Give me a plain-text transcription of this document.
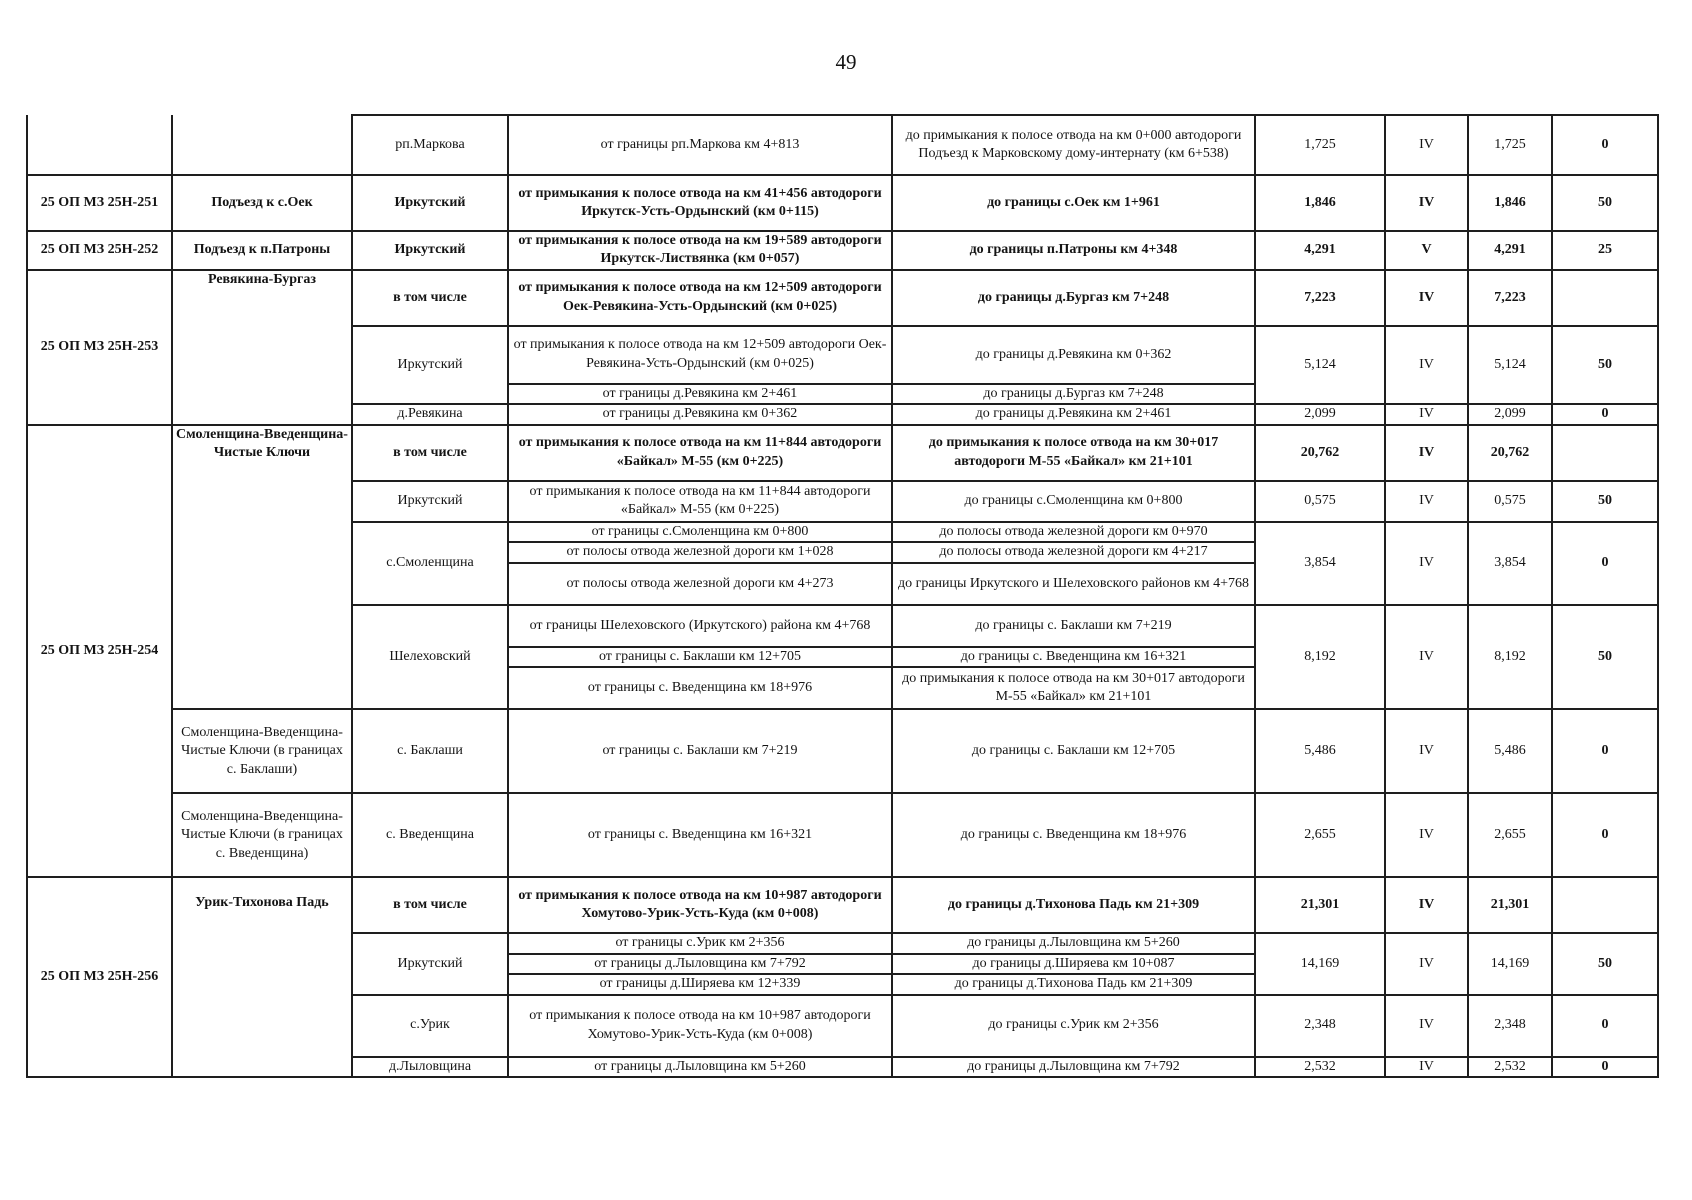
49
		рп.Маркова	от границы рп.Маркова км 4+813	до примыкания к полосе отвода на км 0+000 автодороги Подъезд к Марковскому дому-интернату (км 6+538)	1,725	IV	1,725	0
25 ОП МЗ 25Н-251	Подъезд к с.Оек	Иркутский	от примыкания к полосе отвода на км 41+456 автодороги Иркутск-Усть-Ордынский (км 0+115)	до границы с.Оек км 1+961	1,846	IV	1,846	50
25 ОП МЗ 25Н-252	Подъезд к п.Патроны	Иркутский	от примыкания к полосе отвода на км 19+589 автодороги Иркутск-Листвянка (км 0+057)	до границы п.Патроны км 4+348	4,291	V	4,291	25
25 ОП МЗ 25Н-253	Ревякина-Бургаз	в том числе	от примыкания к полосе отвода на км 12+509 автодороги Оек-Ревякина-Усть-Ордынский (км 0+025)	до границы д.Бургаз км 7+248	7,223	IV	7,223	
		Иркутский	от примыкания к полосе отвода на км 12+509 автодороги Оек-Ревякина-Усть-Ордынский (км 0+025)	до границы д.Ревякина км 0+362	5,124	IV	5,124	50
			от границы д.Ревякина км 2+461	до границы д.Бургаз км 7+248				
		д.Ревякина	от границы д.Ревякина км 0+362	до границы д.Ревякина км 2+461	2,099	IV	2,099	0
25 ОП МЗ 25Н-254	Смоленщина-Введенщина-Чистые Ключи	в том числе	от примыкания к полосе отвода на км 11+844 автодороги «Байкал» М-55 (км 0+225)	до примыкания к полосе отвода на км 30+017 автодороги М-55 «Байкал» км 21+101	20,762	IV	20,762	
		Иркутский	от примыкания к полосе отвода на км 11+844 автодороги «Байкал» М-55 (км 0+225)	до границы с.Смоленщина км 0+800	0,575	IV	0,575	50
		с.Смоленщина	от границы с.Смоленщина км 0+800	до полосы отвода железной дороги км 0+970	3,854	IV	3,854	0
			от полосы отвода железной дороги км 1+028	до полосы отвода железной дороги км 4+217				
			от полосы отвода железной дороги км 4+273	до границы Иркутского и Шелеховского районов км 4+768				
		Шелеховский	от границы Шелеховского (Иркутского) района км 4+768	до границы с. Баклаши км 7+219	8,192	IV	8,192	50
			от границы с. Баклаши км 12+705	до границы с. Введенщина км 16+321				
			от границы с. Введенщина км 18+976	до примыкания к полосе отвода на км 30+017 автодороги М-55 «Байкал» км 21+101				
	Смоленщина-Введенщина-Чистые Ключи (в границах с. Баклаши)	с. Баклаши	от границы с. Баклаши км 7+219	до границы с. Баклаши км 12+705	5,486	IV	5,486	0
	Смоленщина-Введенщина-Чистые Ключи (в границах с. Введенщина)	с. Введенщина	от границы с. Введенщина км 16+321	до границы с. Введенщина км 18+976	2,655	IV	2,655	0
25 ОП МЗ 25Н-256	Урик-Тихонова Падь	в том числе	от примыкания к полосе отвода на км 10+987 автодороги Хомутово-Урик-Усть-Куда (км 0+008)	до границы д.Тихонова Падь км 21+309	21,301	IV	21,301	
		Иркутский	от границы с.Урик км 2+356	до границы д.Лыловщина км 5+260	14,169	IV	14,169	50
			от границы д.Лыловщина км 7+792	до границы д.Ширяева км 10+087				
			от границы д.Ширяева км 12+339	до границы д.Тихонова Падь км 21+309				
		с.Урик	от примыкания к полосе отвода на км 10+987 автодороги Хомутово-Урик-Усть-Куда (км 0+008)	до границы с.Урик км 2+356	2,348	IV	2,348	0
		д.Лыловщина	от границы д.Лыловщина км 5+260	до границы д.Лыловщина км 7+792	2,532	IV	2,532	0
